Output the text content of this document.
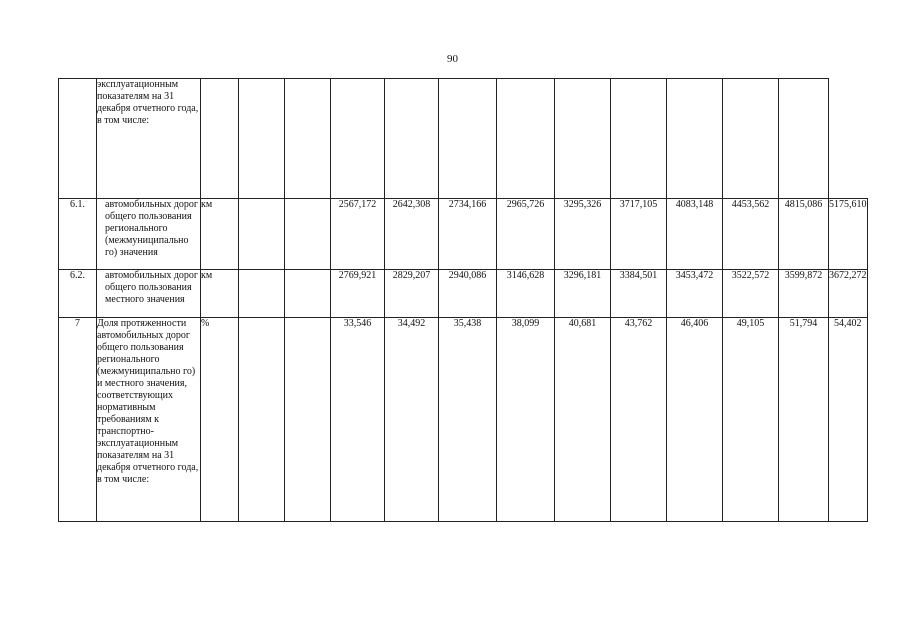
90
	эксплуатационным показателям на 31 декабря отчетного года, в том числе:													
6.1.	автомобильных дорог общего пользования регионального (межмуниципально го) значения	км			2567,172	2642,308	2734,166	2965,726	3295,326	3717,105	4083,148	4453,562	4815,086	5175,610
6.2.	автомобильных дорог общего пользования местного значения	км			2769,921	2829,207	2940,086	3146,628	3296,181	3384,501	3453,472	3522,572	3599,872	3672,272
7	Доля протяженности автомобильных дорог общего пользования регионального (межмуниципально го) и местного значения, соответствующих нормативным требованиям к транспортно-эксплуатационным показателям на 31 декабря отчетного года, в том числе:	%			33,546	34,492	35,438	38,099	40,681	43,762	46,406	49,105	51,794	54,402
